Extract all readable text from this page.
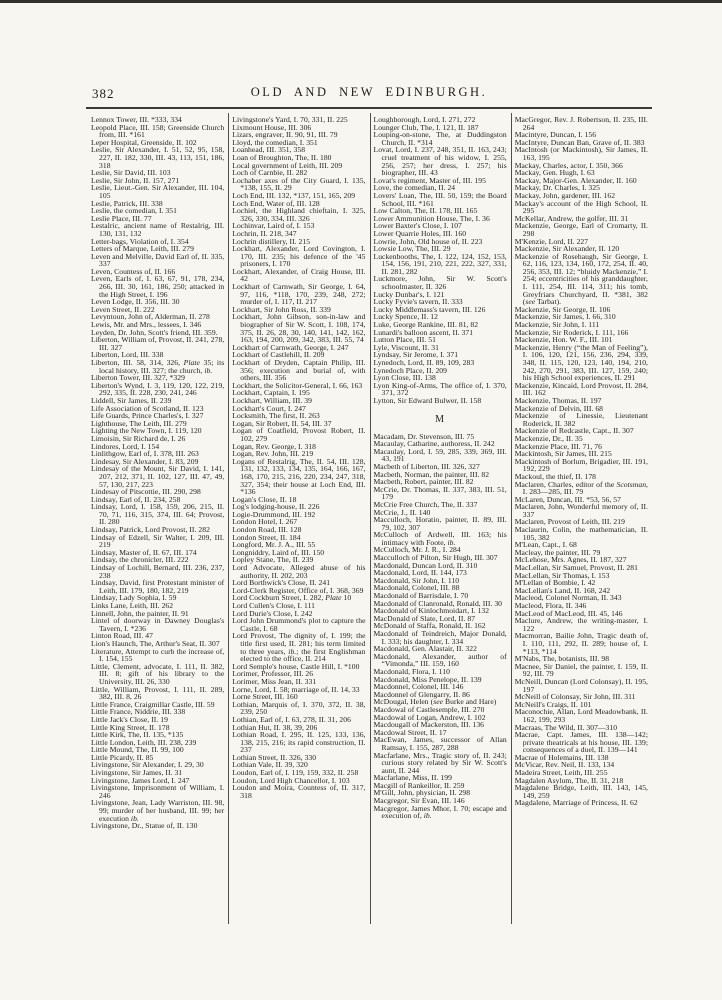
382	OLD AND NEW EDINBURGH.
Lennox Tower, III. *333, 334
Leopold Place, III. 158; Greenside Church from, III. *161
Leper Hospital, Greenside, II. 102
Leslie, Sir Alexander, I. 51, 52, 95, 158, 227, II. 182, 330, III. 43, 113, 151, 186, 318
Leslie, Sir David, III. 103
Leslie, Sir John, II. 157, 271
Leslie, Lieut.-Gen. Sir Alexander, III. 104, 105
Leslie, Patrick, III. 338
Leslie, the comedian, I. 351
Leslie Place, III. 77
Lestalric, ancient name of Restalrig, III. 130, 131, 132
Letter-bags, Violation of, I. 354
Letters of Marque, Leith, III. 279
Leven and Melville, David Earl of, II. 335, 337
Leven, Countess of, II. 166
Leven, Earls of, I. 63, 67, 91, 178, 234, 266, III. 30, 161, 186, 250; attacked in the High Street, I. 196
Leven Lodge, II. 356, III. 30
Leven Street, II. 222
Levyntoun, John of, Alderman, II. 278
Lewis, Mr. and Mrs., lessees, I. 346
Leyden, Dr. John, Scott's friend, III. 359.
Liberton, William of, Provost, II. 241, 278, III. 327
Liberton, Lord, III. 338
Liberton, III. 58, 314, 326, Plate 35; its local history, III. 327; the church, ib.
Liberton Tower, III. 327, *329
Liberton's Wynd, I. 3, 119, 120, 122, 219, 292, 335, II. 228, 230, 241, 246
Liddell, Sir James, II. 239
Life Association of Scotland, II. 123
Life Guards, Prince Charles's, I. 327
Lighthouse, The Leith, III. 279
Lighting the New Town, I. 119, 120
Limoisin, Sir Richard de, I. 26
Lindores, Lord, I. 154
Linlithgow, Earl of, I. 378, III. 263
Lindesay, Sir Alexander, I. 83, 209
Lindesay of the Mount, Sir David, I. 141, 207, 212, 371, II. 102, 127, III. 47, 49, 57, 130, 217, 223
Lindesay of Pitscottie, III. 290, 298
Lindsay, Earl of, II. 234, 258
Lindsay, Lord, I. 158, 159, 206, 215, II. 70, 71, 116, 315, 374, III. 64; Provost, II. 280
Lindsay, Patrick, Lord Provost, II. 282
Lindsay of Edzell, Sir Walter, I. 209, III. 219
Lindsay, Master of, II. 67, III. 174
Lindsay, the chronicler, III. 222
Lindsay of Lochill, Bernard, III. 236, 237, 238
Lindsay, David, first Protestant minister of Leith, III. 179, 180, 182, 219
Lindsay, Lady Sophia, I. 59
Links Lane, Leith, III. 262
Linnell, John, the painter, II. 91
Lintel of doorway in Dawney Douglas's Tavern, I. *236
Linton Road, III. 47
Lion's Haunch, The, Arthur's Seat, II. 307
Literature, Attempt to curb the increase of, I. 154, 155
Little, Clement, advocate, I. 111, II. 382, III. 8; gift of his library to the University, III. 26, 330
Little, William, Provost, I. 111, II. 289, 382, III. 8, 26
Little France, Craigmillar Castle, III. 59
Little France, Niddrie, III. 338
Little Jack's Close, II. 19
Little King Street, II. 178
Little Kirk, The, II. 135, *135
Little London, Leith, III. 238, 239
Little Mound, The, II. 99, 100
Little Picardy, II. 85
Livingstone, Sir Alexander, I. 29, 30
Livingstone, Sir James, II. 31
Livingstone, James Lord, I. 247
Livingstone, Imprisonment of William, I. 246
Livingstone, Jean, Lady Warriston, III. 98, 99; murder of her husband, III. 99; her execution ib.
Livingstone, Dr., Statue of, II. 130
Livingstone's Yard, I. 70, 331, II. 225
Lixmount House, III. 306
Lizars, engraver, II. 90, 91, III. 79
Lloyd, the comedian, I. 351
Loanhead, III. 351, 358
Loan of Broughton, The, II. 180
Local government of Leith, III. 209
Loch of Carnbie, II. 282
Lochaber axes of the City Guard, I. 135, *138, 155, II. 29
Loch End, III. 132, *137, 151, 165, 209
Loch End, Water of, III. 128
Lochiel, the Highland chieftain, I. 325, 326, 330, 334, III. 326
Lochinvar, Laird of, I. 153
Lochrin, II. 218, 347
Lochrin distillery, II. 215
Lockhart, Alexander, Lord Covington, I. 170, III. 235; his defence of the '45 prisoners, I. 170
Lockhart, Alexander, of Craig House, III. 42
Lockhart of Carnwath, Sir George, I. 64, 97, 116, *118, 170, 239, 248, 272; murder of, I. 117, II. 217
Lockhart, Sir John Ross, II. 339
Lockhart, John Gibson, son-in-law and biographer of Sir W. Scott, I. 108, 174, 375, II. 26, 28, 30, 140, 141, 142, 162, 163, 194, 200, 209, 342, 383, III. 55, 74
Lockhart of Carnwath, George, I. 247
Lockhart of Castlehill, II. 209
Lockhart of Dryden, Captain Philip, III. 356; execution and burial of, with others, III. 356
Lockhart, the Solicitor-General, I. 66, 163
Lockhart, Captain, I. 195
Lockhart, William, III. 39
Lockhart's Court, I. 247
Locksmith, The first, II. 263
Logan, Sir Robert, II. 54, III. 37
Logan of Coatfield, Provost Robert, II. 102, 279
Logan, Rev. George, I. 318
Logan, Rev. John, III. 219
Logans of Restalrig, The, II. 54, III. 128, 131, 132, 133, 134, 135, 164, 166, 167, 168, 170, 215, 216, 220, 234, 247, 318, 327, 354; their house at Loch End, III. *136
Logan's Close, II. 18
Log's lodging-house, II. 226
Logie-Drummond, III. 192
London Hotel, I. 267
London Road, III. 128
London Street, II. 184
Longford, Mr. J. A., III. 55
Longniddry, Laird of, III. 150
Lopley Stane, The, II. 239
Lord Advocate, Alleged abuse of his authority, II. 202, 203
Lord Borthwick's Close, II. 241
Lord-Clerk Register, Office of, I. 368, 369
Lord Cockburn Street, I. 282, Plate 10
Lord Cullen's Close, I. 111
Lord Durie's Close, I. 242
Lord John Drummond's plot to capture the Castle, I. 68
Lord Provost, The dignity of, I. 199; the title first used, II. 281; his term limited to three years, ib.; the first Englishman elected to the office, II. 214
Lord Semple's house, Castle Hill, I. *100
Lorimer, Professor, III. 26
Lorimer, Miss Jean, II. 331
Lorne, Lord, I. 58; marriage of, II. 14, 33
Lorne Street, III. 160
Lothian, Marquis of, I. 370, 372, II. 38, 239, 250
Lothian, Earl of, I. 63, 278, II. 31, 206
Lothian Hut, II. 38, 39, 206
Lothian Road, I. 295, II. 125, 133, 136, 138, 215, 216; its rapid construction, II. 237
Lothian Street, II. 326, 330
Lothian Vale, II. 39, 320
Loudon, Earl of, I. 119, 159, 332, II. 258
Loudon, Lord High Chancellor, I. 103
Loudon and Moira, Countess of, II. 317, 318
Loughborough, Lord, I. 271, 272
Lounger Club, The, I. 121, II. 187
Louping-on-stone, The, at Duddingston Church, II. *314
Lovat, Lord, I. 237, 248, 351, II. 163, 243; cruel treatment of his widow, I. 255, 256, 257; her dress, I. 257; his biographer, III. 43
Lovat's regiment, Master of, III. 195
Love, the comedian, II. 24
Lovers' Loan, The, III. 50, 159; the Board School, III. *161
Low Calton, The, II. 178, III. 165
Lower Ammunition House, The, I. 36
Lower Baxter's Close, I. 107
Lower Quarrie Holes, III. 160
Lowrie, John, Old house of, II. 223
Lowsie Low, The, III. 29
Luckenbooths, The, I. 122, 124, 152, 153, 154, 156, 191, 210, 221, 222, 327, 331, II. 281, 282
Luckmore, John, Sir W. Scott's schoolmaster, II. 326
Lucky Dunbar's, I. 121
Lucky Fyvie's tavern, II. 333
Lucky Middlemass's tavern, III. 126
Lucky Spence, II. 12
Luke, George Rankine, III. 81, 82
Lunardi's balloon ascent, II. 371
Lutton Place, III. 51
Lyle, Viscount, II. 31
Lyndsay, Sir Jerome, I. 371
Lynedoch, Lord, II. 89, 109, 283
Lynedoch Place, II. 209
Lyon Close, III. 138
Lyon King-of-Arms, The office of, I. 370, 371, 372
Lytton, Sir Edward Bulwer, II. 158
M
Macadam, Dr. Stevenson, III. 75
Macaulay, Catharine, authoress, II. 242
Macaulay, Lord, I. 59, 285, 339, 369, III. 43, 191
Macbeth of Liberton, III. 326, 327
Macbeth, Norman, the painter, III. 82
Macbeth, Robert, painter, III. 82
McCrie, Dr. Thomas, II. 337, 383, III. 51, 179
McCrie Free Church, The, II. 337
McCrie, J., II. 140
Macculloch, Horatio, painter, II. 89, III. 79, 102, 307
McCulloch of Ardwell, III. 163; his intimacy with Foote, ib.
McCulloch, Mr. J. R., I. 284
Macculloch of Pilton, Sir Hugh, III. 307
Macdonald, Duncan Lord, II. 310
Macdonald, Lord, II. 144, 173
Macdonald, Sir John, I. 110
Macdonald, Colonel, III. 88
Macdonald of Barrisdale, I. 70
Macdonald of Clanronald, Ronald, III. 30
Macdonald of Kinlochmoidart, I. 132
MacDonald of Slate, Lord, II. 87
McDonald of Staffa, Ronald, II. 162
Macdonald of Teindreich, Major Donald, I. 333; his daughter, I. 334
Macdonald, Gen. Alastair, II. 322
Macdonald, Alexander, author of “Vimonda,” III. 159, 160
Macdonald, Flora, I. 110
Macdonald, Miss Penelope, II. 139
Macdonnel, Colonel, III. 146
Macdonnel of Glengarry, II. 86
McDougal, Helen (see Burke and Hare)
Macdowal of Castlesemple, III. 270
Macdowal of Logan, Andrew, I. 102
Macdougall of Mackerston, III. 136
Macdowal Street, II. 17
MacEwan, James, successor of Allan Ramsay, I. 155, 287, 288
Macfarlane, Mrs., Tragic story of, II. 243; curious story related by Sir W. Scott's aunt, II. 244
Macfarlane, Miss, II. 199
Macgill of Rankeillor, II. 259
M'Gill, John, physician, II. 298
Macgregor, Sir Evan, III. 146
Macgregor, James Mhor, I. 70; escape and execution of, ib.
MacGregor, Rev. J. Robertson, II. 235, III. 264
Macintyre, Duncan, I. 156
MacIntyre, Duncan Ban, Grave of, II. 383
MacIntosh (or Mackintosh), Sir James, II. 163, 195
Mackay, Charles, actor, I. 350, 366
Mackay, Gen. Hugh, I. 63
Mackay, Major-Gen. Alexander, II. 160
Mackay, Dr. Charles, I. 325
Mackay, John, gardener, III. 162
Mackay's account of the High School, II. 295
McKellar, Andrew, the golfer, III. 31
Mackenzie, George, Earl of Cromarty, II. 298
M'Kenzie, Lord, II. 227
Mackenzie, Sir Alexander, II. 120
Mackenzie of Rosehaugh, Sir George, I. 62, 116, 123, 134, 160, 172, 254, II. 40, 256, 353, III. 12; “bluidy Mackenzie,” I. 254; eccentricities of his granddaughter, I. 111, 254, III. 114, 311; his tomb, Greyfriars Churchyard, II. *381, 382 (see Tarbat).
Mackenzie, Sir George, II. 106
Mackenzie, Sir James, I. 66, 310
Mackenzie, Sir John, I. 111
Mackenzie, Sir Roderick, I. 111, 166
Mackenzie, Hon. W. F., III. 101
Mackenzie, Henry (“the Man of Feeling”), I. 106, 120, 121, 156, 236, 294, 339, 348, II. 115, 120, 123, 140, 194, 210, 242, 270, 291, 383, III. 127, 159, 240; his High School experiences, II. 291
Mackenzie, Kincaid, Lord Provost, II. 284, III. 162
Mackenzie, Thomas, II. 197
Mackenzie of Delvin, III. 68
Mackenzie of Linessie, Lieutenant Roderick, II. 382
Mackenzie of Redcastle, Capt., II. 307
Mackenzie, Dr., II. 35
Mackenzie Place, III. 71, 76
Mackintosh, Sir James, III. 215
Mackintosh of Borlum, Brigadier, III. 191, 192, 229
Mackoul, the thief, II. 178
Maclaren, Charles, editor of the Scotsman, I. 283—285, III. 79
McLaren, Duncan, III. *53, 56, 57
Maclaren, John, Wonderful memory of, II. 337
Maclaren, Provost of Leith, III. 219
Maclaurin, Colin, the mathematician, II. 105, 382
M'Lean, Capt., I. 68
Macleay, the painter, III. 79
McLehose, Mrs. Agnes, II. 187, 327
MacLellan, Sir Samuel, Provost, II. 281
MacLellan, Sir Thomas, I. 153
M'Lellan of Bombie, I. 42
MacLellan's Land, II. 168, 242
Macleod, Colonel Norman, II. 343
Macleod, Flora, II. 346
MacLeod of MacLeod, III. 45, 146
Maclure, Andrew, the writing-master, I. 122
Macmorran, Bailie John, Tragic death of, I. 110, 111, 292, II. 289; house of, I. *113, *114
M'Nabs, The, botanists, III. 98
Macnee, Sir Daniel, the painter, I. 159, II. 92, III. 79
McNeill, Duncan (Lord Colonsay), II. 195, 197
McNeill of Colonsay, Sir John, III. 311
McNeill's Craigs, II. 101
Maconochie, Allan, Lord Meadowbank, II. 162, 199, 293
Macraas, The Wild, II. 307—310
Macrae, Capt. James, III. 138—142; private theatricals at his house, III. 139; consequences of a duel, II. 139—141
Macrae of Holemains, III. 138
McVicar, Rev. Neil, II. 133, 134
Madeira Street, Leith, III. 255
Magdalen Asylum, The, II. 31, 218
Magdalene Bridge, Leith, III. 143, 145, 149, 259
Magdalene, Marriage of Princess, II. 62
